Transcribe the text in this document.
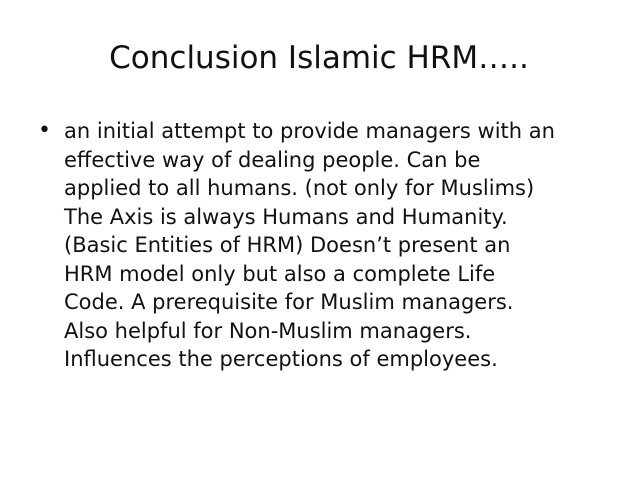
Conclusion Islamic HRM…..
• an initial attempt to provide managers with an
effective way of dealing people. Can be
applied to all humans. (not only for Muslims)
The Axis is always Humans and Humanity.
(Basic Entities of HRM) Doesn’t present an
HRM model only but also a complete Life
Code. A prerequisite for Muslim managers.
Also helpful for Non-Muslim managers.
Influences the perceptions of employees.
